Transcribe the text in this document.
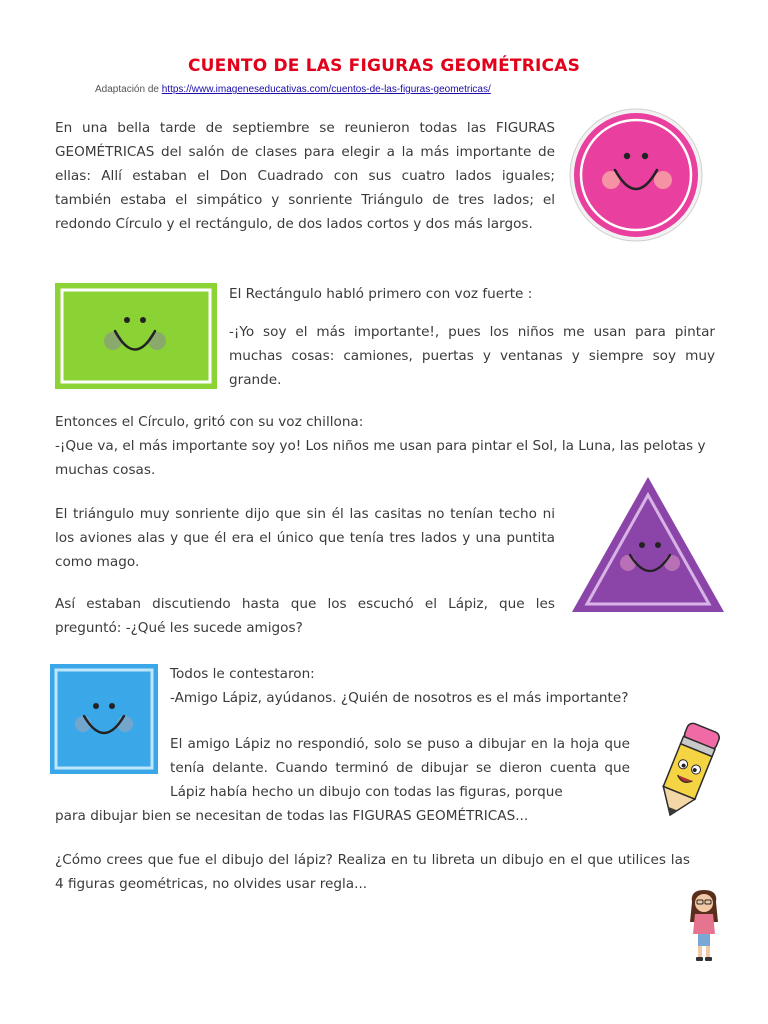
CUENTO DE LAS FIGURAS GEOMÉTRICAS
Adaptación de https://www.imageneseducativas.com/cuentos-de-las-figuras-geometricas/

En una bella tarde de septiembre se reunieron todas las FIGURAS GEOMÉTRICAS del salón de clases para elegir a la más importante de ellas: Allí estaban el Don Cuadrado con sus cuatro lados iguales; también estaba el simpático y sonriente Triángulo de tres lados; el redondo Círculo y el rectángulo, de dos lados cortos y dos más largos.

El Rectángulo habló primero con voz fuerte :

-¡Yo soy el más importante!, pues los niños me usan para pintar muchas cosas: camiones, puertas y ventanas y siempre soy muy grande.

Entonces el Círculo, gritó con su voz chillona:

-¡Que va, el más importante soy yo! Los niños me usan para pintar el Sol, la Luna, las pelotas y muchas cosas.

El triángulo muy sonriente dijo que sin él las casitas no tenían techo ni los aviones alas y que él era el único que tenía tres lados y una puntita como mago.

Así estaban discutiendo hasta que los escuchó el Lápiz, que les preguntó: -¿Qué les sucede amigos?

Todos le contestaron:

-Amigo Lápiz, ayúdanos. ¿Quién de nosotros es el más importante?

El amigo Lápiz no respondió, solo se puso a dibujar en la hoja que tenía delante. Cuando terminó de dibujar se dieron cuenta que Lápiz había hecho un dibujo con todas las figuras, porque

para dibujar bien se necesitan de todas las FIGURAS GEOMÉTRICAS...

¿Cómo crees que fue el dibujo del lápiz? Realiza en tu libreta un dibujo en el que utilices las 4 figuras geométricas, no olvides usar regla...
